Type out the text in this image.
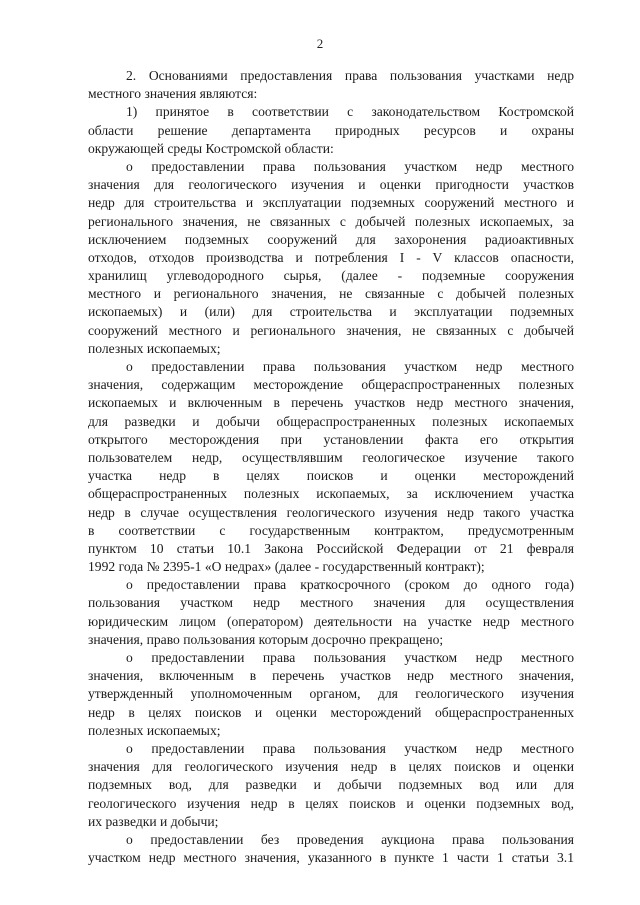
2
2. Основаниями предоставления права пользования участками недр
местного значения являются:
1) принятое в соответствии с законодательством Костромской
области решение департамента природных ресурсов и охраны
окружающей среды Костромской области:
о предоставлении права пользования участком недр местного
значения для геологического изучения и оценки пригодности участков
недр для строительства и эксплуатации подземных сооружений местного и
регионального значения, не связанных с добычей полезных ископаемых, за
исключением подземных сооружений для захоронения радиоактивных
отходов, отходов производства и потребления I - V классов опасности,
хранилищ углеводородного сырья, (далее - подземные сооружения
местного и регионального значения, не связанные с добычей полезных
ископаемых) и (или) для строительства и эксплуатации подземных
сооружений местного и регионального значения, не связанных с добычей
полезных ископаемых;
о предоставлении права пользования участком недр местного
значения, содержащим месторождение общераспространенных полезных
ископаемых и включенным в перечень участков недр местного значения,
для разведки и добычи общераспространенных полезных ископаемых
открытого месторождения при установлении факта его открытия
пользователем недр, осуществлявшим геологическое изучение такого
участка недр в целях поисков и оценки месторождений
общераспространенных полезных ископаемых, за исключением участка
недр в случае осуществления геологического изучения недр такого участка
в соответствии с государственным контрактом, предусмотренным
пунктом 10 статьи 10.1 Закона Российской Федерации от 21 февраля
1992 года № 2395-1 «О недрах» (далее - государственный контракт);
о предоставлении права краткосрочного (сроком до одного года)
пользования участком недр местного значения для осуществления
юридическим лицом (оператором) деятельности на участке недр местного
значения, право пользования которым досрочно прекращено;
о предоставлении права пользования участком недр местного
значения, включенным в перечень участков недр местного значения,
утвержденный уполномоченным органом, для геологического изучения
недр в целях поисков и оценки месторождений общераспространенных
полезных ископаемых;
о предоставлении права пользования участком недр местного
значения для геологического изучения недр в целях поисков и оценки
подземных вод, для разведки и добычи подземных вод или для
геологического изучения недр в целях поисков и оценки подземных вод,
их разведки и добычи;
о предоставлении без проведения аукциона права пользования
участком недр местного значения, указанного в пункте 1 части 1 статьи 3.1
